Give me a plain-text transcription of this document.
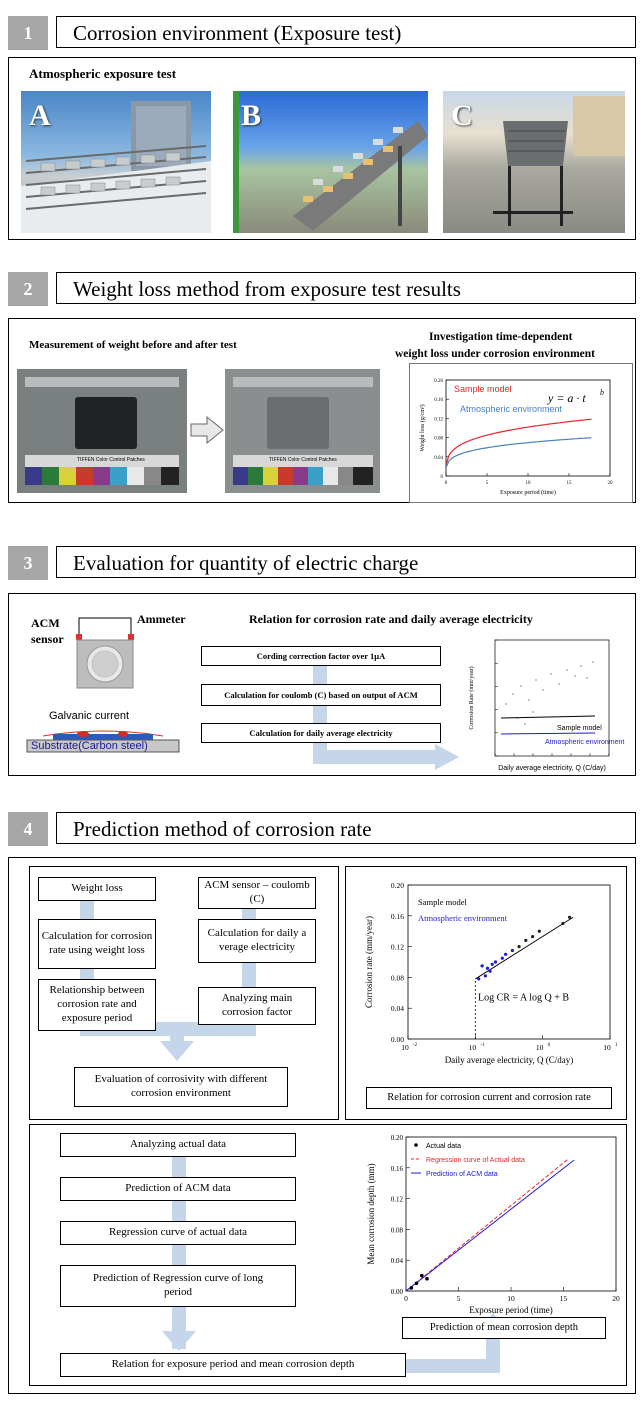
1	Corrosion environment (Exposure test)
Atmospheric exposure test
A	B	C
2	Weight loss method from exposure test results
Measurement of weight before and after test
Investigation time-dependent
weight loss under corrosion environment
TIFFEN Color Control Patches	TIFFEN Color Control Patches
0
0.04
0.08
0.12
0.16
0.20
0	5	10	15	20
Sample model
Atmospheric environment
y = a · t b
Exposure period (time)
Weight loss (g/cm²)
3	Evaluation for quantity of electric charge
ACM
sensor
Ammeter
Galvanic current
Substrate(Carbon steel)
Relation for corrosion rate and daily average electricity
Cording correction factor over 1μA
Calculation for coulomb (C) based on output of ACM
Calculation for daily average electricity	Sample model
Atmospheric environment
Daily average electricity, Q (C/day)
Corrosion Rate (mm/year)
4	Prediction method of corrosion rate
Weight loss
Calculation for corrosion rate using weight loss
Relationship between corrosion rate and exposure period
ACM sensor – coulomb (C)
Calculation for daily a verage electricity
Analyzing main corrosion factor
Evaluation of corrosivity with different
corrosion environment
0.00
0.04
0.08
0.12
0.16
0.20
10 -2	10 -1	10 0	10 1
Sample model
Atmospheric environment
Log CR = A log Q + B
Daily average electricity, Q (C/day)
Corrosion rate (mm/year)
Relation for corrosion current and corrosion rate
Analyzing actual data
Prediction of ACM data
Regression curve of actual data
Prediction of Regression curve of long period
Relation for exposure period and mean corrosion depth
0.00
0.04
0.08
0.12
0.16
0.20
0	5	10	15	20
Actual data
Regression curve of Actual data
Prediction of ACM data
Exposure period (time)
Mean corrosion depth (mm)
Prediction of mean corrosion depth
